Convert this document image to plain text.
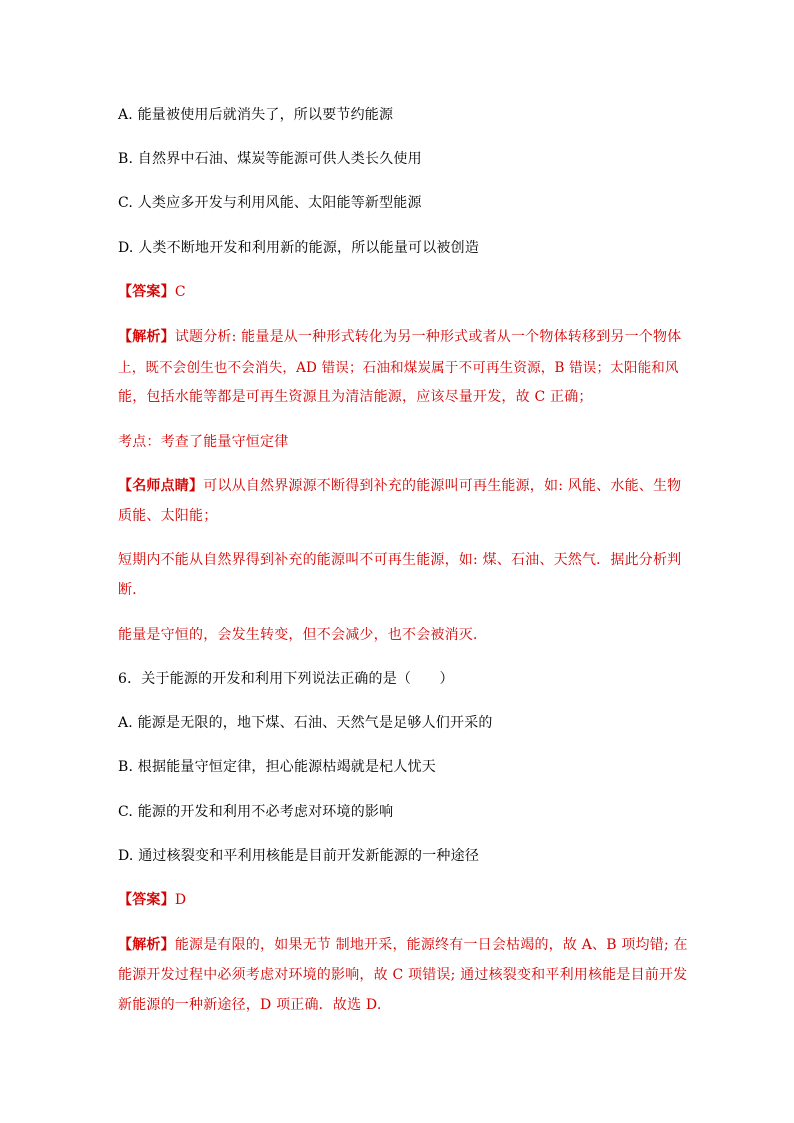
A. 能量被使用后就消失了，所以要节约能源
B. 自然界中石油、煤炭等能源可供人类长久使用
C. 人类应多开发与利用风能、太阳能等新型能源
D. 人类不断地开发和利用新的能源，所以能量可以被创造
【答案】C
【解析】试题分析: 能量是从一种形式转化为另一种形式或者从一个物体转移到另一个物体
上，既不会创生也不会消失，AD 错误；石油和煤炭属于不可再生资源，B 错误；太阳能和风
能，包括水能等都是可再生资源且为清洁能源，应该尽量开发，故 C 正确；
考点：考查了能量守恒定律
【名师点睛】可以从自然界源源不断得到补充的能源叫可再生能源，如: 风能、水能、生物
质能、太阳能；
短期内不能从自然界得到补充的能源叫不可再生能源，如: 煤、石油、天然气．据此分析判
断．
能量是守恒的，会发生转变，但不会减少，也不会被消灭．
6．关于能源的开发和利用下列说法正确的是（　　）
A. 能源是无限的，地下煤、石油、天然气是足够人们开采的
B. 根据能量守恒定律，担心能源枯竭就是杞人忧天
C. 能源的开发和利用不必考虑对环境的影响
D. 通过核裂变和平利用核能是目前开发新能源的一种途径
【答案】D
【解析】能源是有限的，如果无节 制地开采，能源终有一日会枯竭的，故 A、B 项均错; 在
能源开发过程中必须考虑对环境的影响，故 C 项错误; 通过核裂变和平利用核能是目前开发
新能源的一种新途径，D 项正确．故选 D.
